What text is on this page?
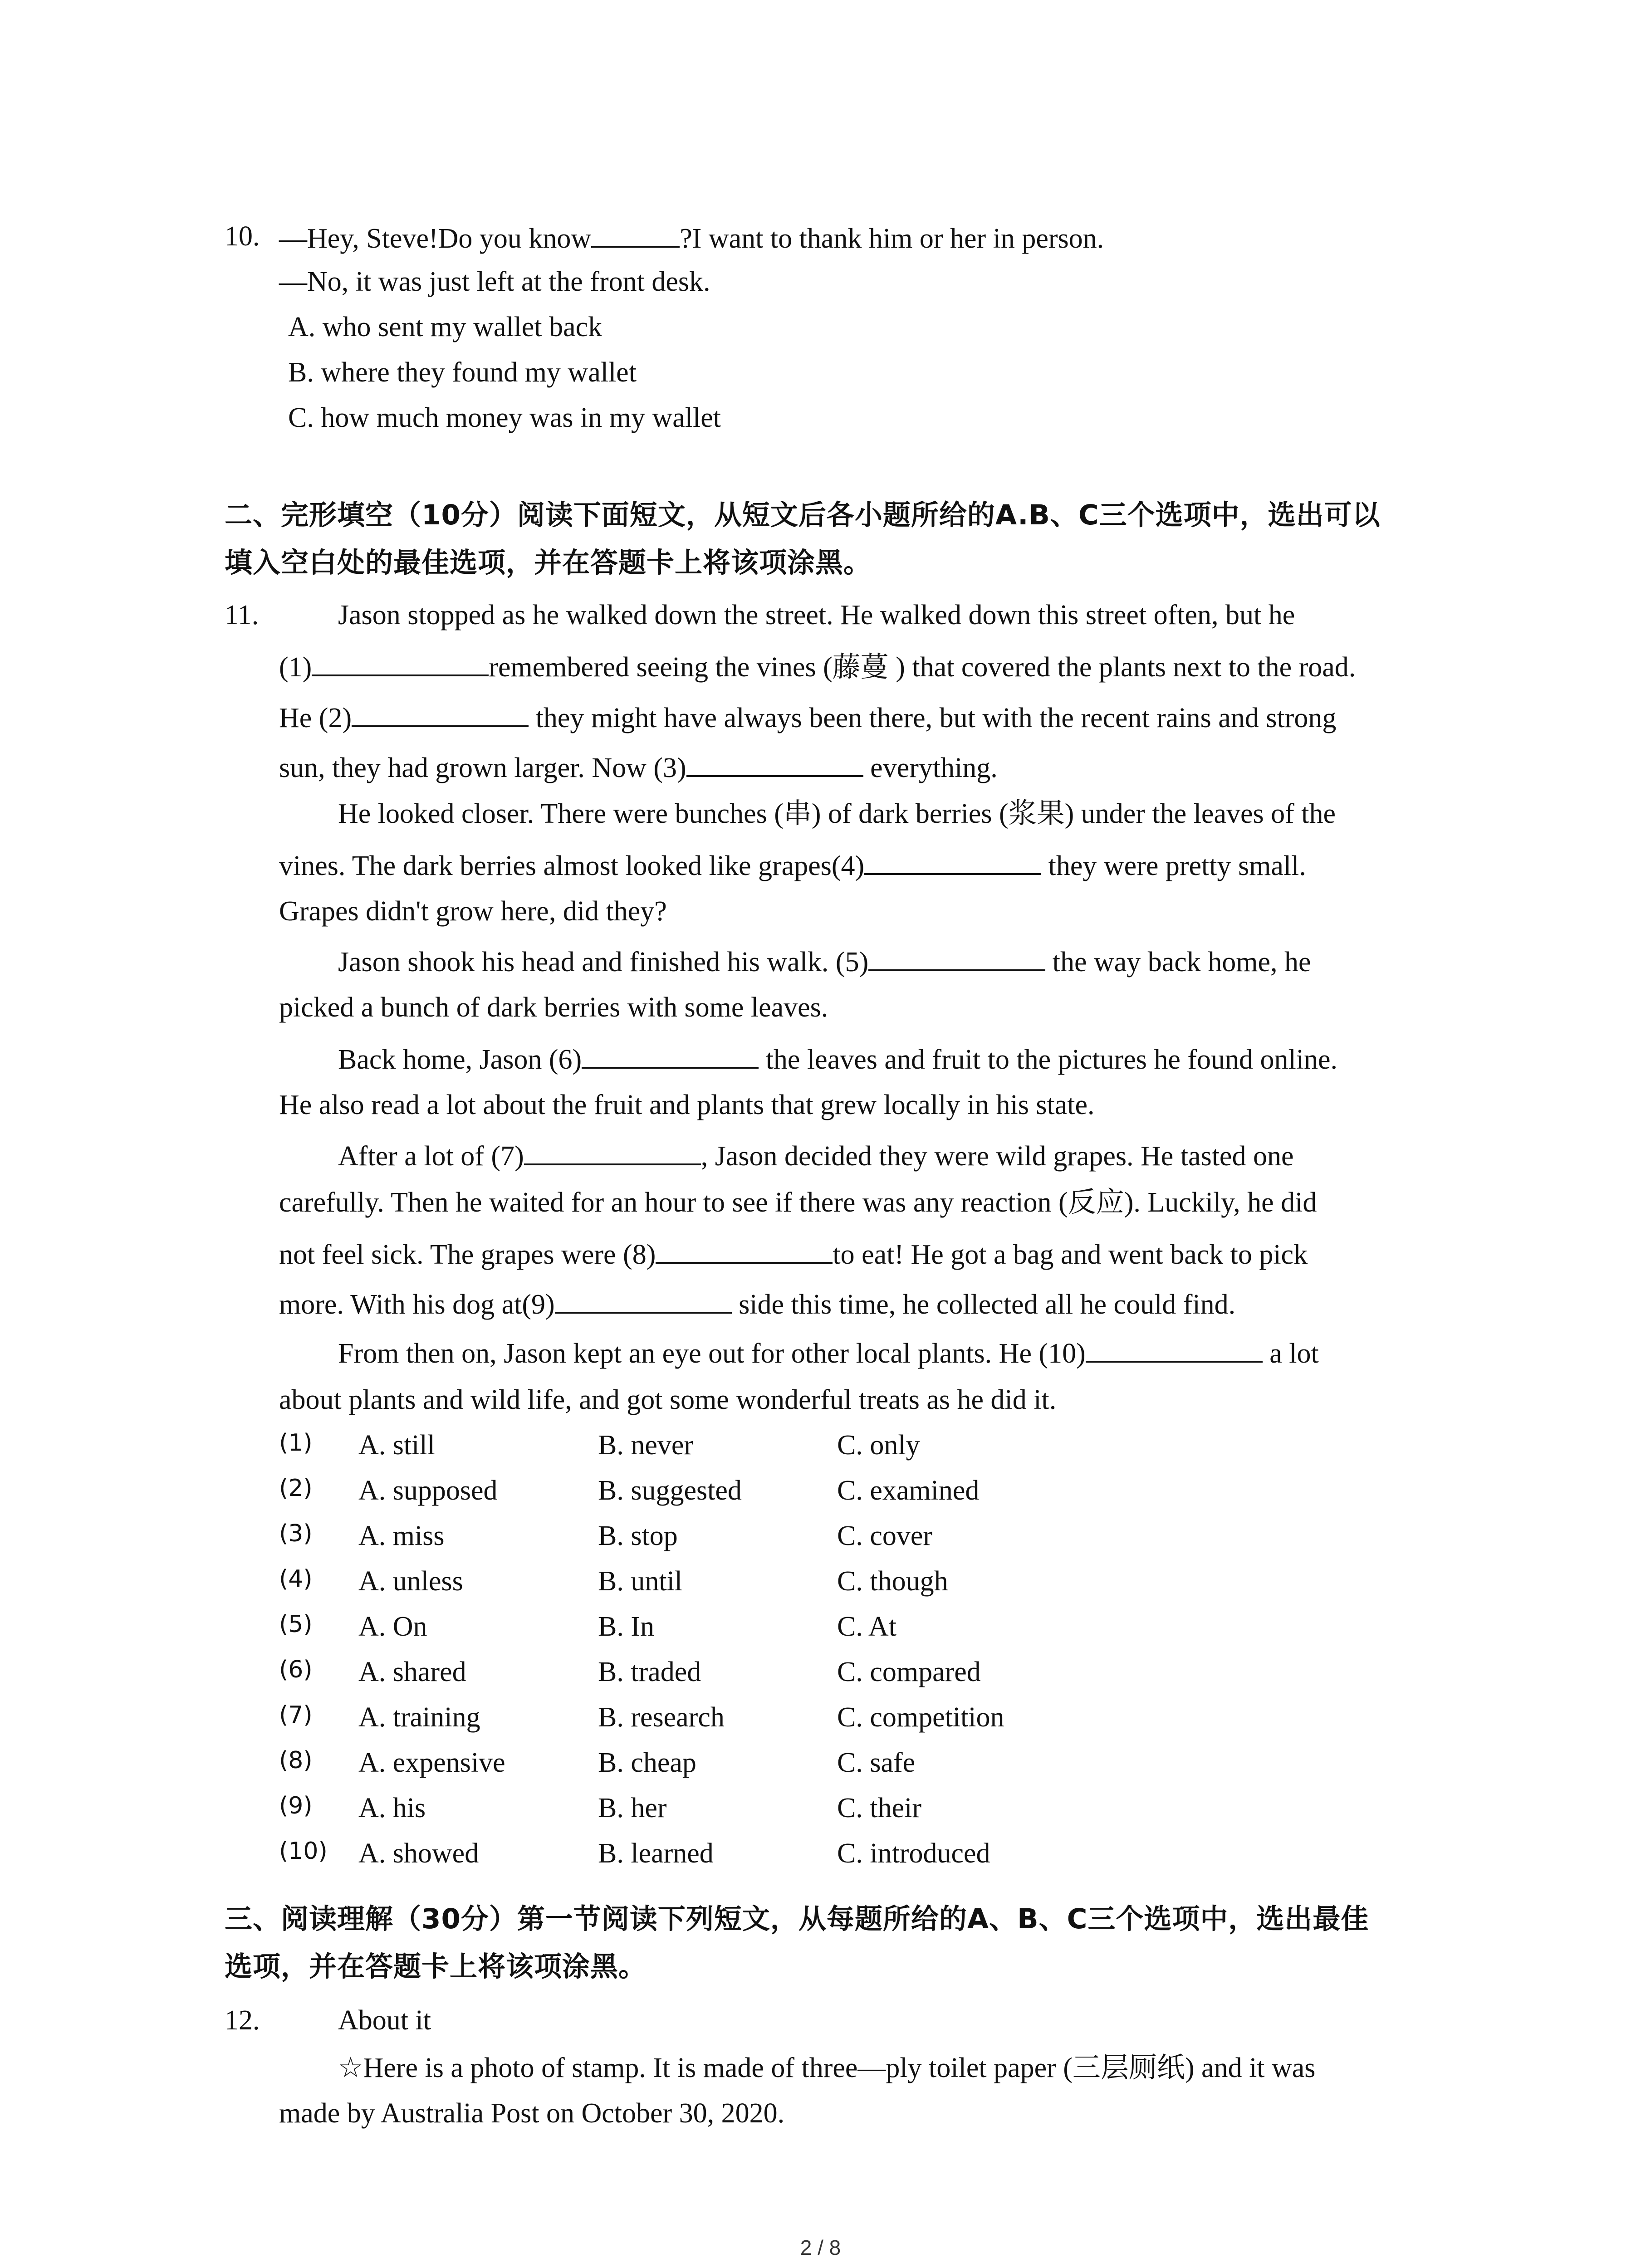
10. —Hey, Steve!Do you know	?I want to thank him or her in person.
—No, it was just left at the front desk.
A. who sent my wallet back
B. where they found my wallet
C. how much money was in my wallet
二、完形填空（10分）阅读下面短文，从短文后各小题所给的A.B、C三个选项中，选出可以
填入空白处的最佳选项，并在答题卡上将该项涂黑。
11.	Jason stopped as he walked down the street. He walked down this street often, but he
(1)	remembered seeing the vines (藤蔓 ) that covered the plants next to the road.
He (2)	they might have always been there, but with the recent rains and strong
sun, they had grown larger. Now (3)	everything.
He looked closer. There were bunches (串) of dark berries (浆果) under the leaves of the
vines. The dark berries almost looked like grapes(4)	they were pretty small.
Grapes didn't grow here, did they?
Jason shook his head and finished his walk. (5)	the way back home, he
picked a bunch of dark berries with some leaves.
Back home, Jason (6)	the leaves and fruit to the pictures he found online.
He also read a lot about the fruit and plants that grew locally in his state.
After a lot of (7)	, Jason decided they were wild grapes. He tasted one
carefully. Then he waited for an hour to see if there was any reaction (反应). Luckily, he did
not feel sick. The grapes were (8)	to eat! He got a bag and went back to pick
more. With his dog at(9)	side this time, he collected all he could find.
From then on, Jason kept an eye out for other local plants. He (10)	a lot
about plants and wild life, and got some wonderful treats as he did it.
(1) A. still	B. never	C. only
(2) A. supposed	B. suggested	C. examined
(3) A. miss	B. stop	C. cover
(4) A. unless	B. until	C. though
(5) A. On	B. In	C. At
(6) A. shared	B. traded	C. compared
(7) A. training	B. research	C. competition
(8) A. expensive	B. cheap	C. safe
(9) A. his	B. her	C. their
(10) A. showed	B. learned	C. introduced
三、阅读理解（30分）第一节阅读下列短文，从每题所给的A、B、C三个选项中，选出最佳
选项，并在答题卡上将该项涂黑。
12.	About it
☆Here is a photo of stamp. It is made of three—ply toilet paper (三层厕纸) and it was
made by Australia Post on October 30, 2020.
2 / 8
